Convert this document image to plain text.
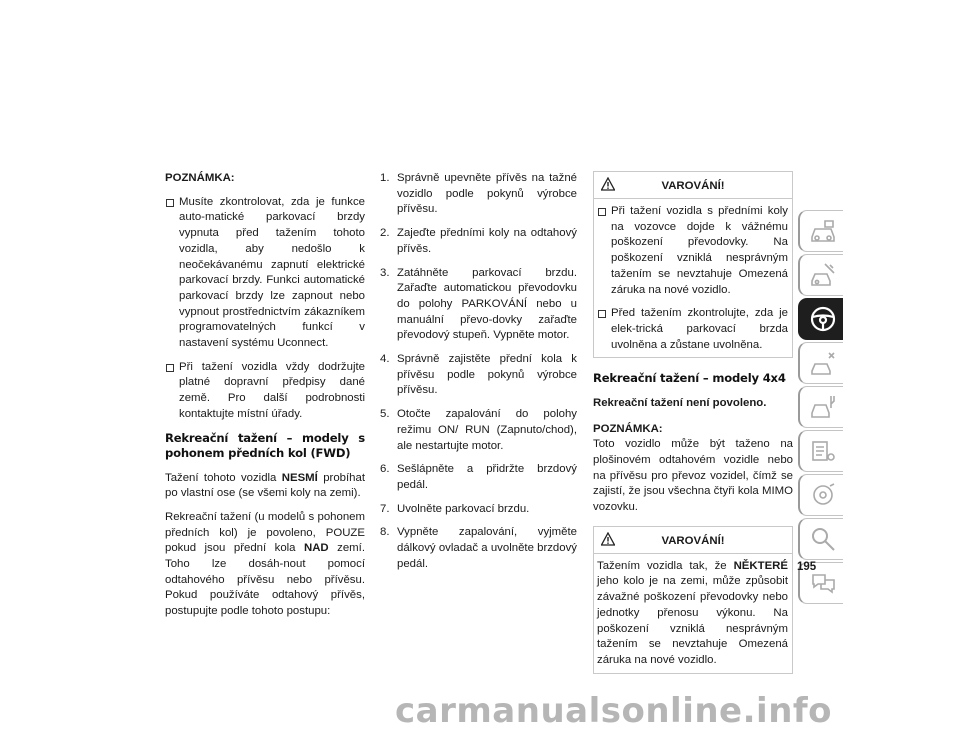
POZNÁMKA:

Musíte zkontrolovat, zda je funkce auto-matické parkovací brzdy vypnuta před tažením tohoto vozidla, aby nedošlo k neočekávanému zapnutí elektrické parkovací brzdy. Funkci automatické parkovací brzdy lze zapnout nebo vypnout prostřednictvím zákazníkem programovatelných funkcí v nastavení systému Uconnect.
Při tažení vozidla vždy dodržujte platné dopravní předpisy dané země. Pro další podrobnosti kontaktujte místní úřady.
Rekreační tažení – modely s pohonem předních kol (FWD)

Tažení tohoto vozidla NESMÍ probíhat po vlastní ose (se všemi koly na zemi).

Rekreační tažení (u modelů s pohonem předních kol) je povoleno, POUZE pokud jsou přední kola NAD zemí. Toho lze dosáh-nout pomocí odtahového přívěsu nebo přívěsu. Pokud používáte odtahový přívěs, postupujte podle tohoto postupu:

1. Správně upevněte přívěs na tažné vozidlo podle pokynů výrobce přívěsu.
2. Zajeďte předními koly na odtahový přívěs.
3. Zatáhněte parkovací brzdu. Zařaďte automatickou převodovku do polohy PARKOVÁNÍ nebo u manuální převo-dovky zařaďte převodový stupeň. Vypněte motor.
4. Správně zajistěte přední kola k přívěsu podle pokynů výrobce přívěsu.
5. Otočte zapalování do polohy režimu ON/ RUN (Zapnuto/chod), ale nestartujte motor.
6. Sešlápněte a přidržte brzdový pedál.
7. Uvolněte parkovací brzdu.
8. Vypněte zapalování, vyjměte dálkový ovladač a uvolněte brzdový pedál.
VAROVÁNÍ!
Při tažení vozidla s předními koly na vozovce dojde k vážnému poškození převodovky. Na poškození vzniklá nesprávným tažením se nevztahuje Omezená záruka na nové vozidlo.
Před tažením zkontrolujte, zda je elek-trická parkovací brzda uvolněna a zůstane uvolněna.
Rekreační tažení – modely 4x4

Rekreační tažení není povoleno.

POZNÁMKA:

Toto vozidlo může být taženo na plošinovém odtahovém vozidle nebo na přívěsu pro převoz vozidel, čímž se zajistí, že jsou všechna čtyři kola MIMO vozovku.

VAROVÁNÍ!

Tažením vozidla tak, že NĚKTERÉ jeho kolo je na zemi, může způsobit závažné poškození převodovky nebo jednotky přenosu výkonu. Na poškození vzniklá nesprávným tažením se nevztahuje Omezená záruka na nové vozidlo.

195
carmanualsonline.info
